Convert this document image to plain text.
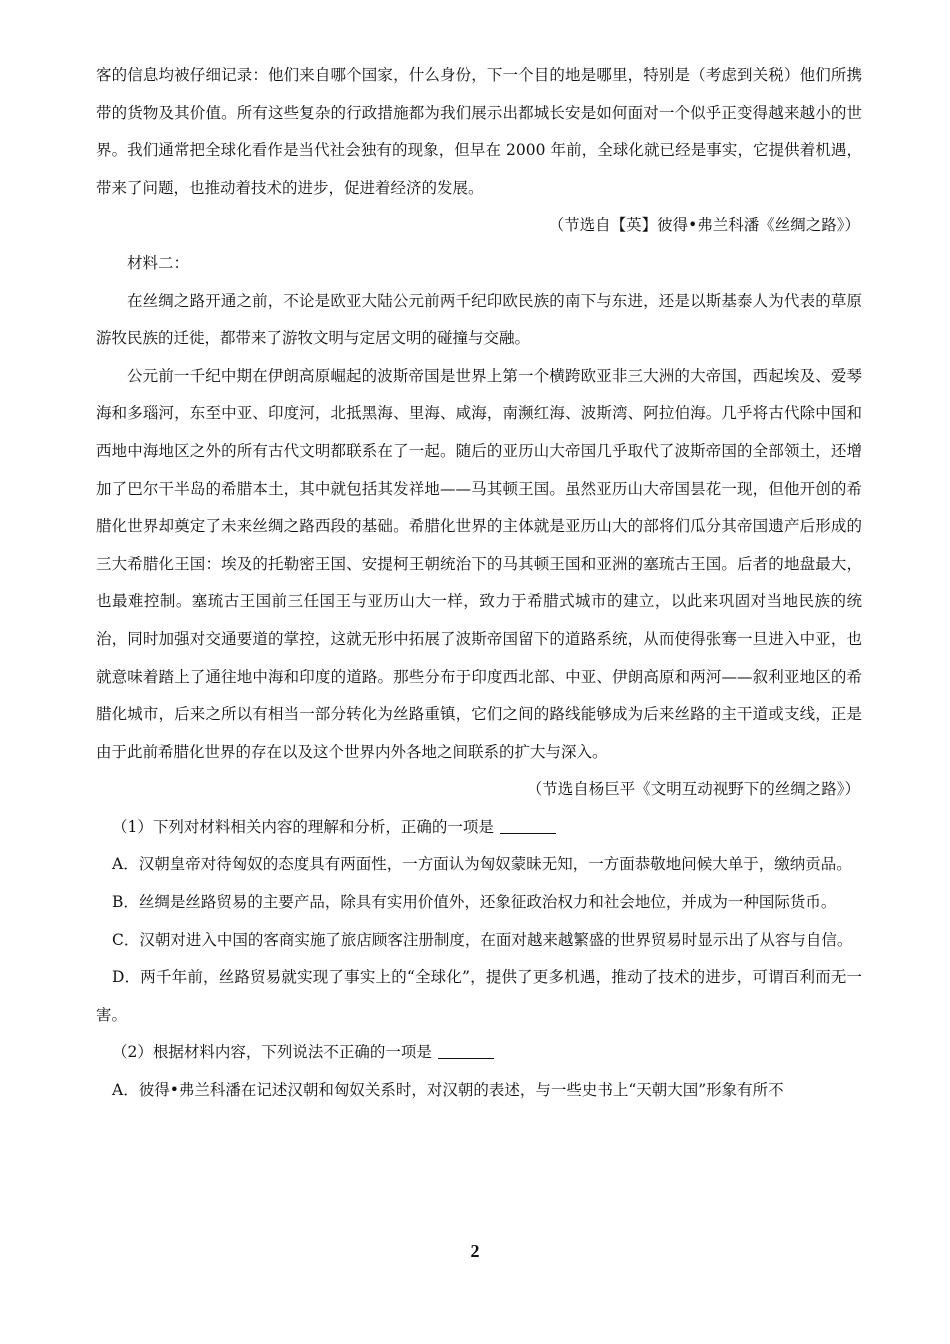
客的信息均被仔细记录：他们来自哪个国家，什么身份，下一个目的地是哪里，特别是（考虑到关税）他们所携带的货物及其价值。所有这些复杂的行政措施都为我们展示出都城长安是如何面对一个似乎正变得越来越小的世界。我们通常把全球化看作是当代社会独有的现象，但早在 2000 年前，全球化就已经是事实，它提供着机遇，带来了问题，也推动着技术的进步，促进着经济的发展。

（节选自【英】彼得•弗兰科潘《丝绸之路》）

材料二：

在丝绸之路开通之前，不论是欧亚大陆公元前两千纪印欧民族的南下与东进，还是以斯基泰人为代表的草原游牧民族的迁徙，都带来了游牧文明与定居文明的碰撞与交融。

公元前一千纪中期在伊朗高原崛起的波斯帝国是世界上第一个横跨欧亚非三大洲的大帝国，西起埃及、爱琴海和多瑙河，东至中亚、印度河，北抵黑海、里海、咸海，南濒红海、波斯湾、阿拉伯海。几乎将古代除中国和西地中海地区之外的所有古代文明都联系在了一起。随后的亚历山大帝国几乎取代了波斯帝国的全部领土，还增加了巴尔干半岛的希腊本土，其中就包括其发祥地——马其顿王国。虽然亚历山大帝国昙花一现，但他开创的希腊化世界却奠定了未来丝绸之路西段的基础。希腊化世界的主体就是亚历山大的部将们瓜分其帝国遗产后形成的三大希腊化王国：埃及的托勒密王国、安提柯王朝统治下的马其顿王国和亚洲的塞琉古王国。后者的地盘最大，也最难控制。塞琉古王国前三任国王与亚历山大一样，致力于希腊式城市的建立，以此来巩固对当地民族的统治，同时加强对交通要道的掌控，这就无形中拓展了波斯帝国留下的道路系统，从而使得张骞一旦进入中亚，也就意味着踏上了通往地中海和印度的道路。那些分布于印度西北部、中亚、伊朗高原和两河——叙利亚地区的希腊化城市，后来之所以有相当一部分转化为丝路重镇，它们之间的路线能够成为后来丝路的主干道或支线，正是由于此前希腊化世界的存在以及这个世界内外各地之间联系的扩大与深入。

（节选自杨巨平《文明互动视野下的丝绸之路》）

（1）下列对材料相关内容的理解和分析，正确的一项是

A．汉朝皇帝对待匈奴的态度具有两面性，一方面认为匈奴蒙昧无知，一方面恭敬地问候大单于，缴纳贡品。

B．丝绸是丝路贸易的主要产品，除具有实用价值外，还象征政治权力和社会地位，并成为一种国际货币。

C．汉朝对进入中国的客商实施了旅店顾客注册制度，在面对越来越繁盛的世界贸易时显示出了从容与自信。

D．两千年前，丝路贸易就实现了事实上的“全球化”，提供了更多机遇，推动了技术的进步，可谓百利而无一害。

（2）根据材料内容，下列说法不正确的一项是

A．彼得•弗兰科潘在记述汉朝和匈奴关系时，对汉朝的表述，与一些史书上“天朝大国”形象有所不

2
